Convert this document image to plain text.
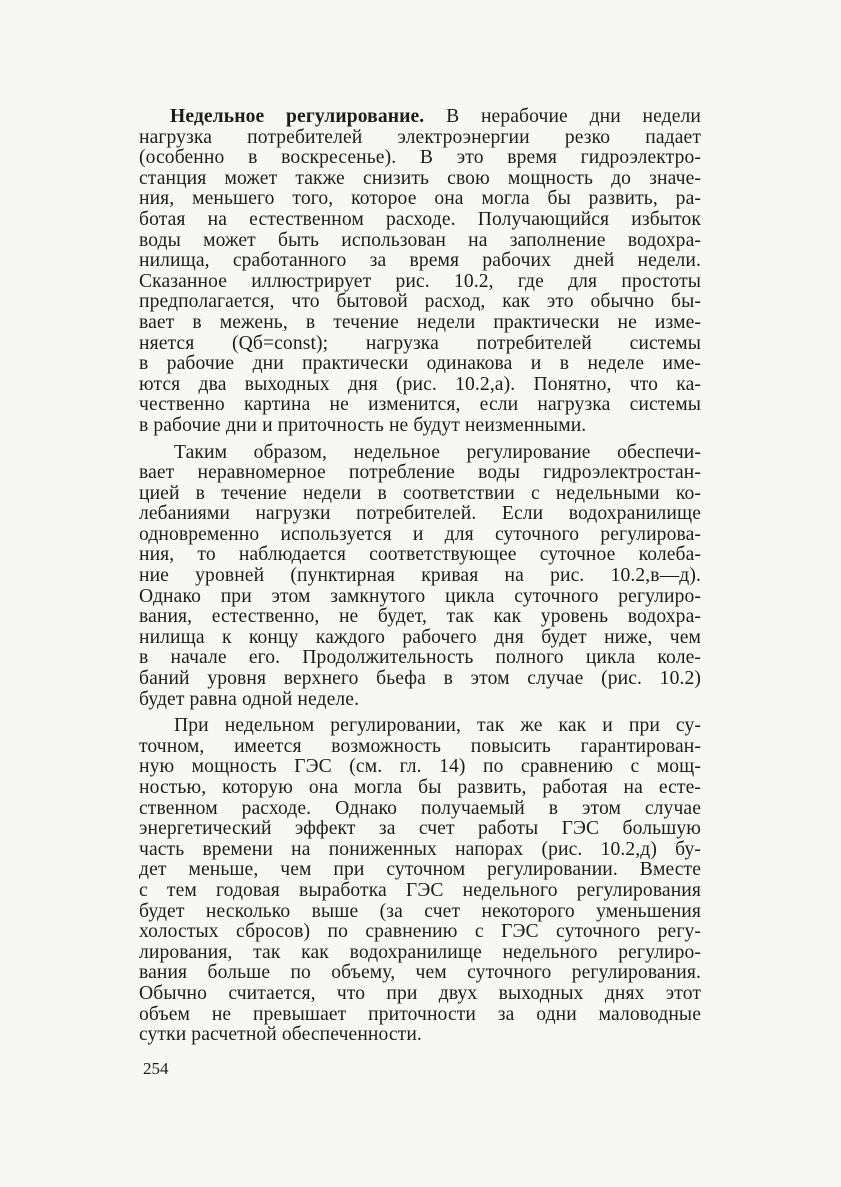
Недельное регулирование. В нерабочие дни недели
нагрузка потребителей электроэнергии резко падает
(особенно в воскресенье). В это время гидроэлектро-
станция может также снизить свою мощность до значе-
ния, меньшего того, которое она могла бы развить, ра-
ботая на естественном расходе. Получающийся избыток
воды может быть использован на заполнение водохра-
нилища, сработанного за время рабочих дней недели.
Сказанное иллюстрирует рис. 10.2, где для простоты
предполагается, что бытовой расход, как это обычно бы-
вает в межень, в течение недели практически не изме-
няется (Qб=const); нагрузка потребителей системы
в рабочие дни практически одинакова и в неделе име-
ются два выходных дня (рис. 10.2,а). Понятно, что ка-
чественно картина не изменится, если нагрузка системы
в рабочие дни и приточность не будут неизменными.
Таким образом, недельное регулирование обеспечи-
вает неравномерное потребление воды гидроэлектростан-
цией в течение недели в соответствии с недельными ко-
лебаниями нагрузки потребителей. Если водохранилище
одновременно используется и для суточного регулирова-
ния, то наблюдается соответствующее суточное колеба-
ние уровней (пунктирная кривая на рис. 10.2,в—д).
Однако при этом замкнутого цикла суточного регулиро-
вания, естественно, не будет, так как уровень водохра-
нилища к концу каждого рабочего дня будет ниже, чем
в начале его. Продолжительность полного цикла коле-
баний уровня верхнего бьефа в этом случае (рис. 10.2)
будет равна одной неделе.
При недельном регулировании, так же как и при су-
точном, имеется возможность повысить гарантирован-
ную мощность ГЭС (см. гл. 14) по сравнению с мощ-
ностью, которую она могла бы развить, работая на есте-
ственном расходе. Однако получаемый в этом случае
энергетический эффект за счет работы ГЭС большую
часть времени на пониженных напорах (рис. 10.2,д) бу-
дет меньше, чем при суточном регулировании. Вместе
с тем годовая выработка ГЭС недельного регулирования
будет несколько выше (за счет некоторого уменьшения
холостых сбросов) по сравнению с ГЭС суточного регу-
лирования, так как водохранилище недельного регулиро-
вания больше по объему, чем суточного регулирования.
Обычно считается, что при двух выходных днях этот
объем не превышает приточности за одни маловодные
сутки расчетной обеспеченности.
254
